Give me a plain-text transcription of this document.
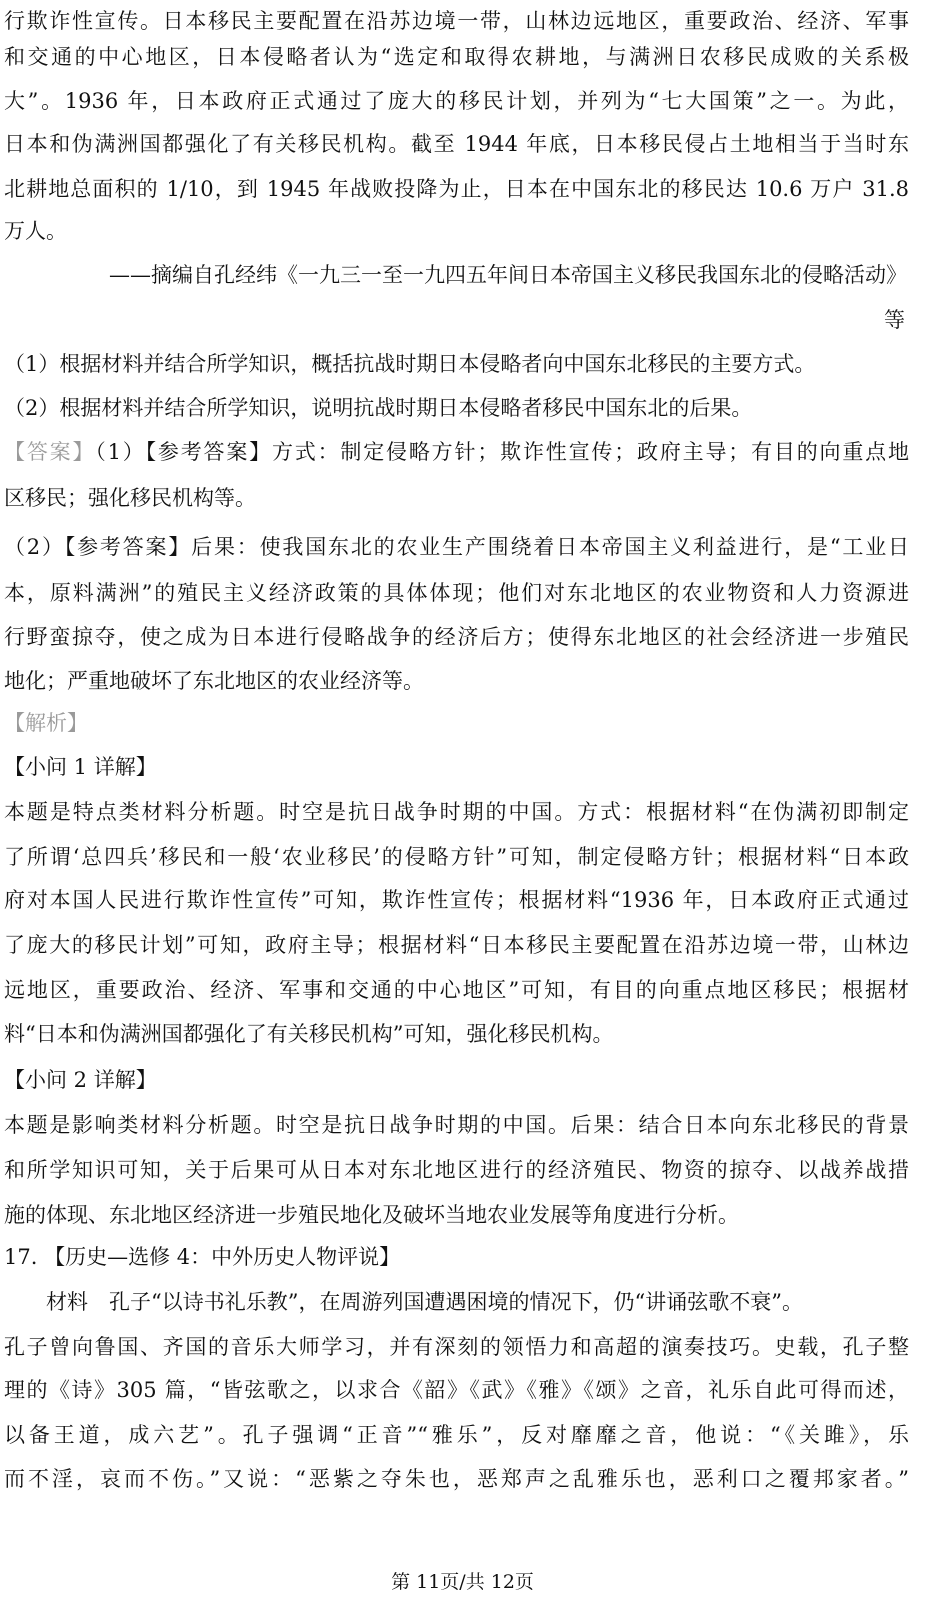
行欺诈性宣传。日本移民主要配置在沿苏边境一带，山林边远地区，重要政治、经济、军事
和交通的中心地区，日本侵略者认为“选定和取得农耕地，与满洲日农移民成败的关系极
大”。1936 年，日本政府正式通过了庞大的移民计划，并列为“七大国策”之一。为此，
日本和伪满洲国都强化了有关移民机构。截至 1944 年底，日本移民侵占土地相当于当时东
北耕地总面积的 1/10，到 1945 年战败投降为止，日本在中国东北的移民达 10.6 万户 31.8
万人。
——摘编自孔经纬《一九三一至一九四五年间日本帝国主义移民我国东北的侵略活动》
等
（1）根据材料并结合所学知识，概括抗战时期日本侵略者向中国东北移民的主要方式。
（2）根据材料并结合所学知识，说明抗战时期日本侵略者移民中国东北的后果。
【答案】（1）【参考答案】方式：制定侵略方针；欺诈性宣传；政府主导；有目的向重点地
区移民；强化移民机构等。
（2）【参考答案】后果：使我国东北的农业生产围绕着日本帝国主义利益进行，是“工业日
本，原料满洲”的殖民主义经济政策的具体体现；他们对东北地区的农业物资和人力资源进
行野蛮掠夺，使之成为日本进行侵略战争的经济后方；使得东北地区的社会经济进一步殖民
地化；严重地破坏了东北地区的农业经济等。
【解析】
【小问 1 详解】
本题是特点类材料分析题。时空是抗日战争时期的中国。方式：根据材料“在伪满初即制定
了所谓‘总四兵’移民和一般‘农业移民’的侵略方针”可知，制定侵略方针；根据材料“日本政
府对本国人民进行欺诈性宣传”可知，欺诈性宣传；根据材料“1936 年，日本政府正式通过
了庞大的移民计划”可知，政府主导；根据材料“日本移民主要配置在沿苏边境一带，山林边
远地区，重要政治、经济、军事和交通的中心地区”可知，有目的向重点地区移民；根据材
料“日本和伪满洲国都强化了有关移民机构”可知，强化移民机构。
【小问 2 详解】
本题是影响类材料分析题。时空是抗日战争时期的中国。后果：结合日本向东北移民的背景
和所学知识可知，关于后果可从日本对东北地区进行的经济殖民、物资的掠夺、以战养战措
施的体现、东北地区经济进一步殖民地化及破坏当地农业发展等角度进行分析。
17. 【历史—选修 4：中外历史人物评说】
　　材料　孔子“以诗书礼乐教”，在周游列国遭遇困境的情况下，仍“讲诵弦歌不衰”。
孔子曾向鲁国、齐国的音乐大师学习，并有深刻的领悟力和高超的演奏技巧。史载，孔子整
理的《诗》305 篇，“皆弦歌之，以求合《韶》《武》《雅》《颂》之音，礼乐自此可得而述，
以备王道，成六艺”。孔子强调“正音”“雅乐”，反对靡靡之音，他说：“《关雎》，乐
而不淫，哀而不伤。”又说：“恶紫之夺朱也，恶郑声之乱雅乐也，恶利口之覆邦家者。”
第 11页/共 12页
